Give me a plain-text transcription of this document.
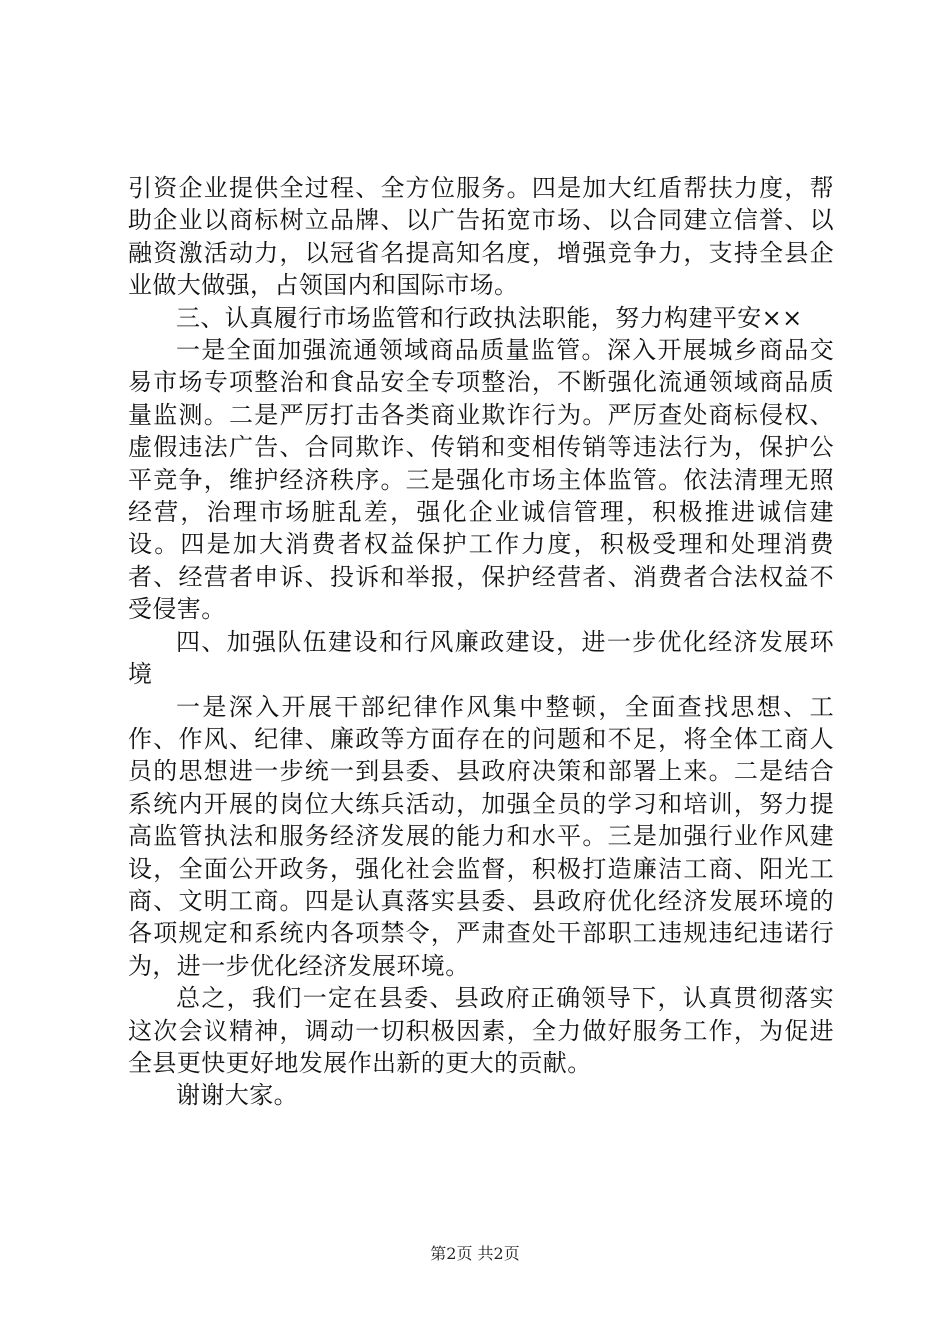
引资企业提供全过程、全方位服务。四是加大红盾帮扶力度，帮助企业以商标树立品牌、以广告拓宽市场、以合同建立信誉、以融资激活动力，以冠省名提高知名度，增强竞争力，支持全县企业做大做强，占领国内和国际市场。

三、认真履行市场监管和行政执法职能，努力构建平安××

一是全面加强流通领域商品质量监管。深入开展城乡商品交易市场专项整治和食品安全专项整治，不断强化流通领域商品质量监测。二是严厉打击各类商业欺诈行为。严厉查处商标侵权、虚假违法广告、合同欺诈、传销和变相传销等违法行为，保护公平竞争，维护经济秩序。三是强化市场主体监管。依法清理无照经营，治理市场脏乱差，强化企业诚信管理，积极推进诚信建设。四是加大消费者权益保护工作力度，积极受理和处理消费者、经营者申诉、投诉和举报，保护经营者、消费者合法权益不受侵害。

四、加强队伍建设和行风廉政建设，进一步优化经济发展环境

一是深入开展干部纪律作风集中整顿，全面查找思想、工作、作风、纪律、廉政等方面存在的问题和不足，将全体工商人员的思想进一步统一到县委、县政府决策和部署上来。二是结合系统内开展的岗位大练兵活动，加强全员的学习和培训，努力提高监管执法和服务经济发展的能力和水平。三是加强行业作风建设，全面公开政务，强化社会监督，积极打造廉洁工商、阳光工商、文明工商。四是认真落实县委、县政府优化经济发展环境的各项规定和系统内各项禁令，严肃查处干部职工违规违纪违诺行为，进一步优化经济发展环境。

总之，我们一定在县委、县政府正确领导下，认真贯彻落实这次会议精神，调动一切积极因素，全力做好服务工作，为促进全县更快更好地发展作出新的更大的贡献。

谢谢大家。

第2页 共2页
